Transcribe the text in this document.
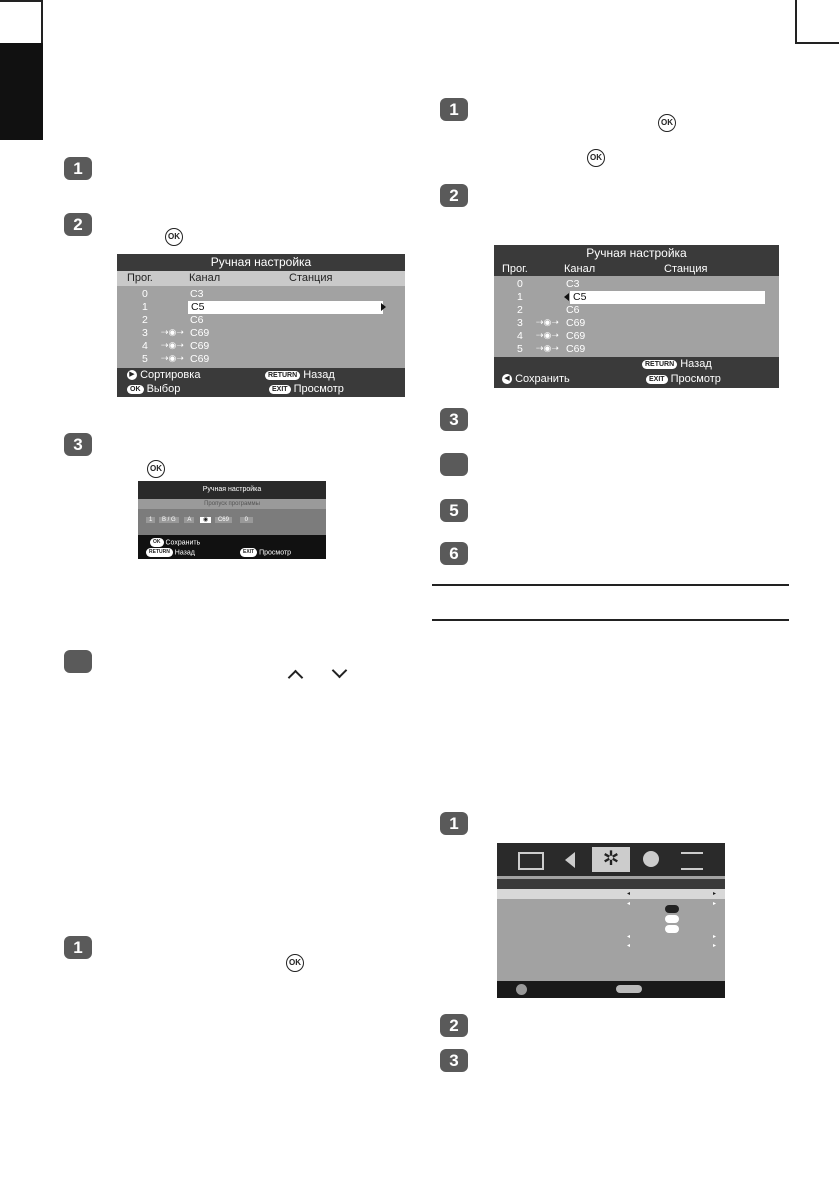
1
2
OK
Ручная настройка
Прог.	Канал	Станция
0	C3
1	C5
2	C6
3 ⇢◉➝ C69
4 ⇢◉➝ C69
5 ⇢◉➝ C69
▶ Сортировка
OK Выбор
RETURN Назад
EXIT Просмотр
3
OK
Ручная настройка
Пропуск программы
1 B / G A ◉ C69	0
OK Сохранить
RETURN Назад	EXIT Просмотр
1
OK
1
OK
OK
2
Ручная настройка
Прог.	Канал	Станция
0	C3
1	C5
2	C6
3 ⇢◉➝ C69
4 ⇢◉➝ C69
5 ⇢◉➝ C69
RETURN Назад
◀ Сохранить	EXIT Просмотр
3
5
6
1
✲
◂	▸
◂	▸
◂	▸
◂	▸
2
3
